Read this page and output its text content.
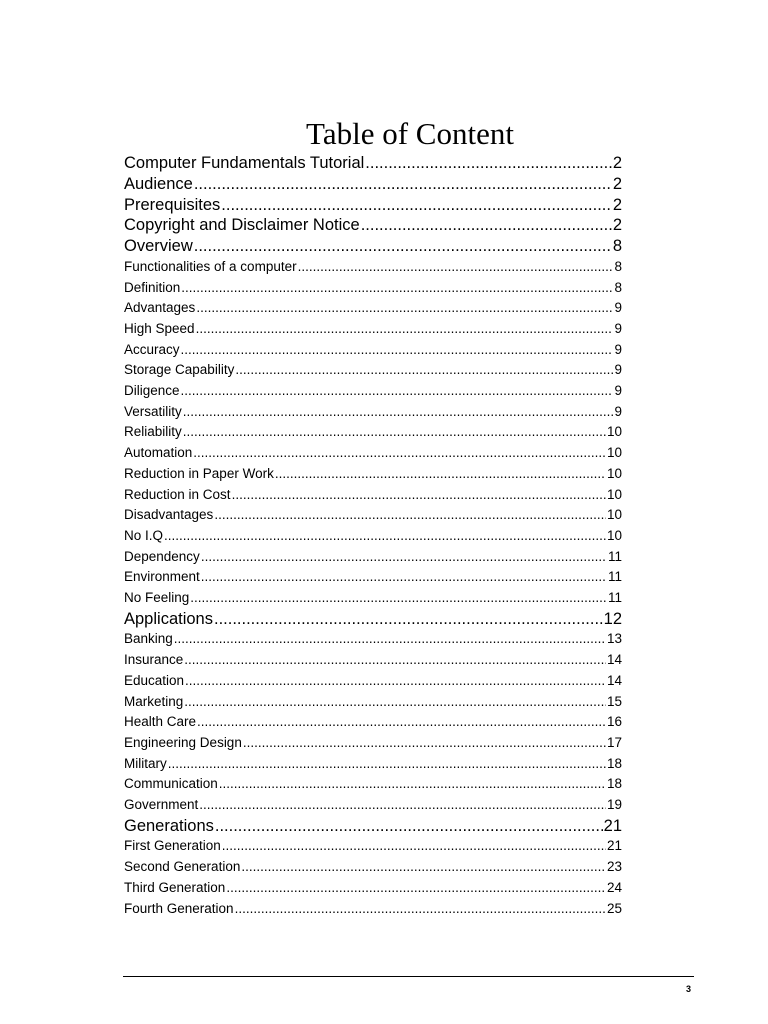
Table of Content
Computer Fundamentals Tutorial .....	2
Audience .....	2
Prerequisites .....	2
Copyright and Disclaimer Notice .....	2
Overview .....	8
Functionalities of a computer .....	8
Definition .....	8
Advantages .....	9
High Speed .....	9
Accuracy .....	9
Storage Capability .....	9
Diligence .....	9
Versatility .....	9
Reliability .....	10
Automation .....	10
Reduction in Paper Work .....	10
Reduction in Cost .....	10
Disadvantages .....	10
No I.Q .....	10
Dependency .....	11
Environment .....	11
No Feeling .....	11
Applications .....	12
Banking .....	13
Insurance .....	14
Education .....	14
Marketing .....	15
Health Care .....	16
Engineering Design .....	17
Military .....	18
Communication .....	18
Government .....	19
Generations .....	21
First Generation .....	21
Second Generation .....	23
Third Generation .....	24
Fourth Generation .....	25
3
